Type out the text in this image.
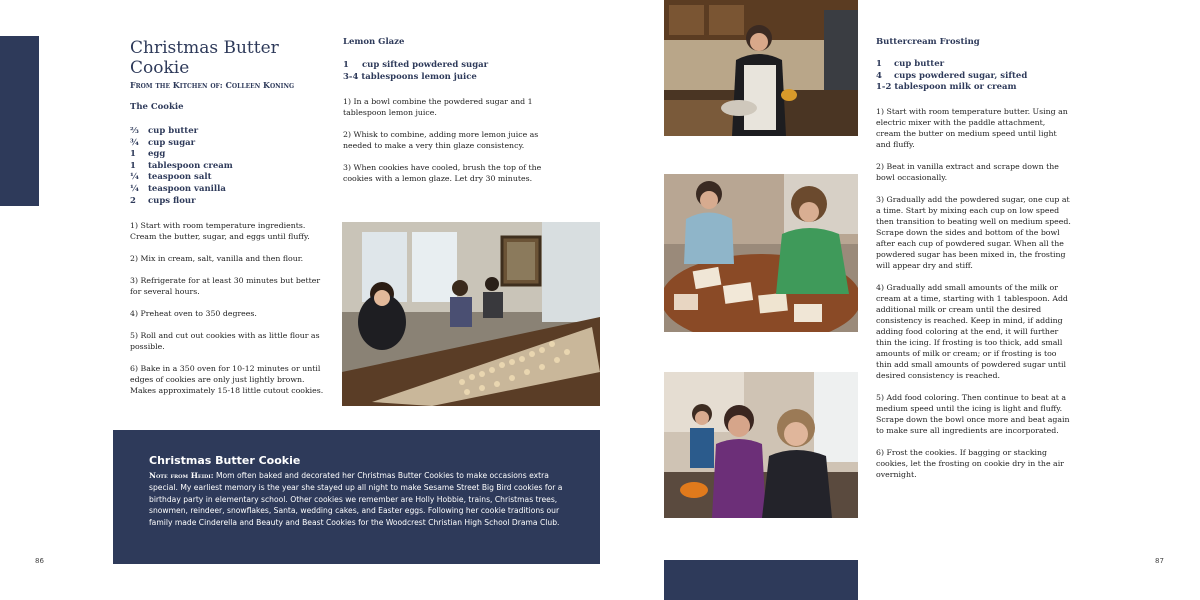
Christmas Butter Cookie
From the Kitchen of: Colleen Koning
The Cookie
⅔ cup butter
¾ cup sugar
1 egg
1 tablespoon cream
¼ teaspoon salt
¼ teaspoon vanilla
2 cups flour

1) Start with room temperature ingredients. Cream the butter, sugar, and eggs until fluffy.

2) Mix in cream, salt, vanilla and then flour.

3) Refrigerate for at least 30 minutes but better for several hours.

4) Preheat oven to 350 degrees.

5) Roll and cut out cookies with as little flour as possible.

6) Bake in a 350 oven for 10-12 minutes or until edges of cookies are only just lightly brown. Makes approximately 15-18 little cutout cookies.

Lemon Glaze
1 cup sifted powdered sugar
3-4 tablespoons lemon juice

1) In a bowl combine the powdered sugar and 1 tablespoon lemon juice.

2) Whisk to combine, adding more lemon juice as needed to make a very thin glaze consistency.

3) When cookies have cooled, brush the top of the cookies with a lemon glaze. Let dry 30 minutes.

Christmas Butter Cookie
Note from Heidi: Mom often baked and decorated her Christmas Butter Cookies to make occasions extra special. My earliest memory is the year she stayed up all night to make Sesame Street Big Bird cookies for a birthday party in elementary school. Other cookies we remember are Holly Hobbie, trains, Christmas trees, snowmen, reindeer, snowflakes, Santa, wedding cakes, and Easter eggs. Following her cookie traditions our family made Cinderella and Beauty and Beast Cookies for the Woodcrest Christian High School Drama Club.
86
Buttercream Frosting
1 cup butter
4 cups powdered sugar, sifted
1-2 tablespoon milk or cream

1) Start with room temperature butter. Using an electric mixer with the paddle attachment, cream the butter on medium speed until light and fluffy.

2) Beat in vanilla extract and scrape down the bowl occasionally.

3) Gradually add the powdered sugar, one cup at a time. Start by mixing each cup on low speed then transition to beating well on medium speed. Scrape down the sides and bottom of the bowl after each cup of powdered sugar. When all the powdered sugar has been mixed in, the frosting will appear dry and stiff.

4) Gradually add small amounts of the milk or cream at a time, starting with 1 tablespoon. Add additional milk or cream until the desired consistency is reached. Keep in mind, if adding adding food coloring at the end, it will further thin the icing. If frosting is too thick, add small amounts of milk or cream; or if frosting is too thin add small amounts of powdered sugar until desired consistency is reached.

5) Add food coloring. Then continue to beat at a medium speed until the icing is light and fluffy. Scrape down the bowl once more and beat again to make sure all ingredients are incorporated.

6) Frost the cookies. If bagging or stacking cookies, let the frosting on cookie dry in the air overnight.

87
